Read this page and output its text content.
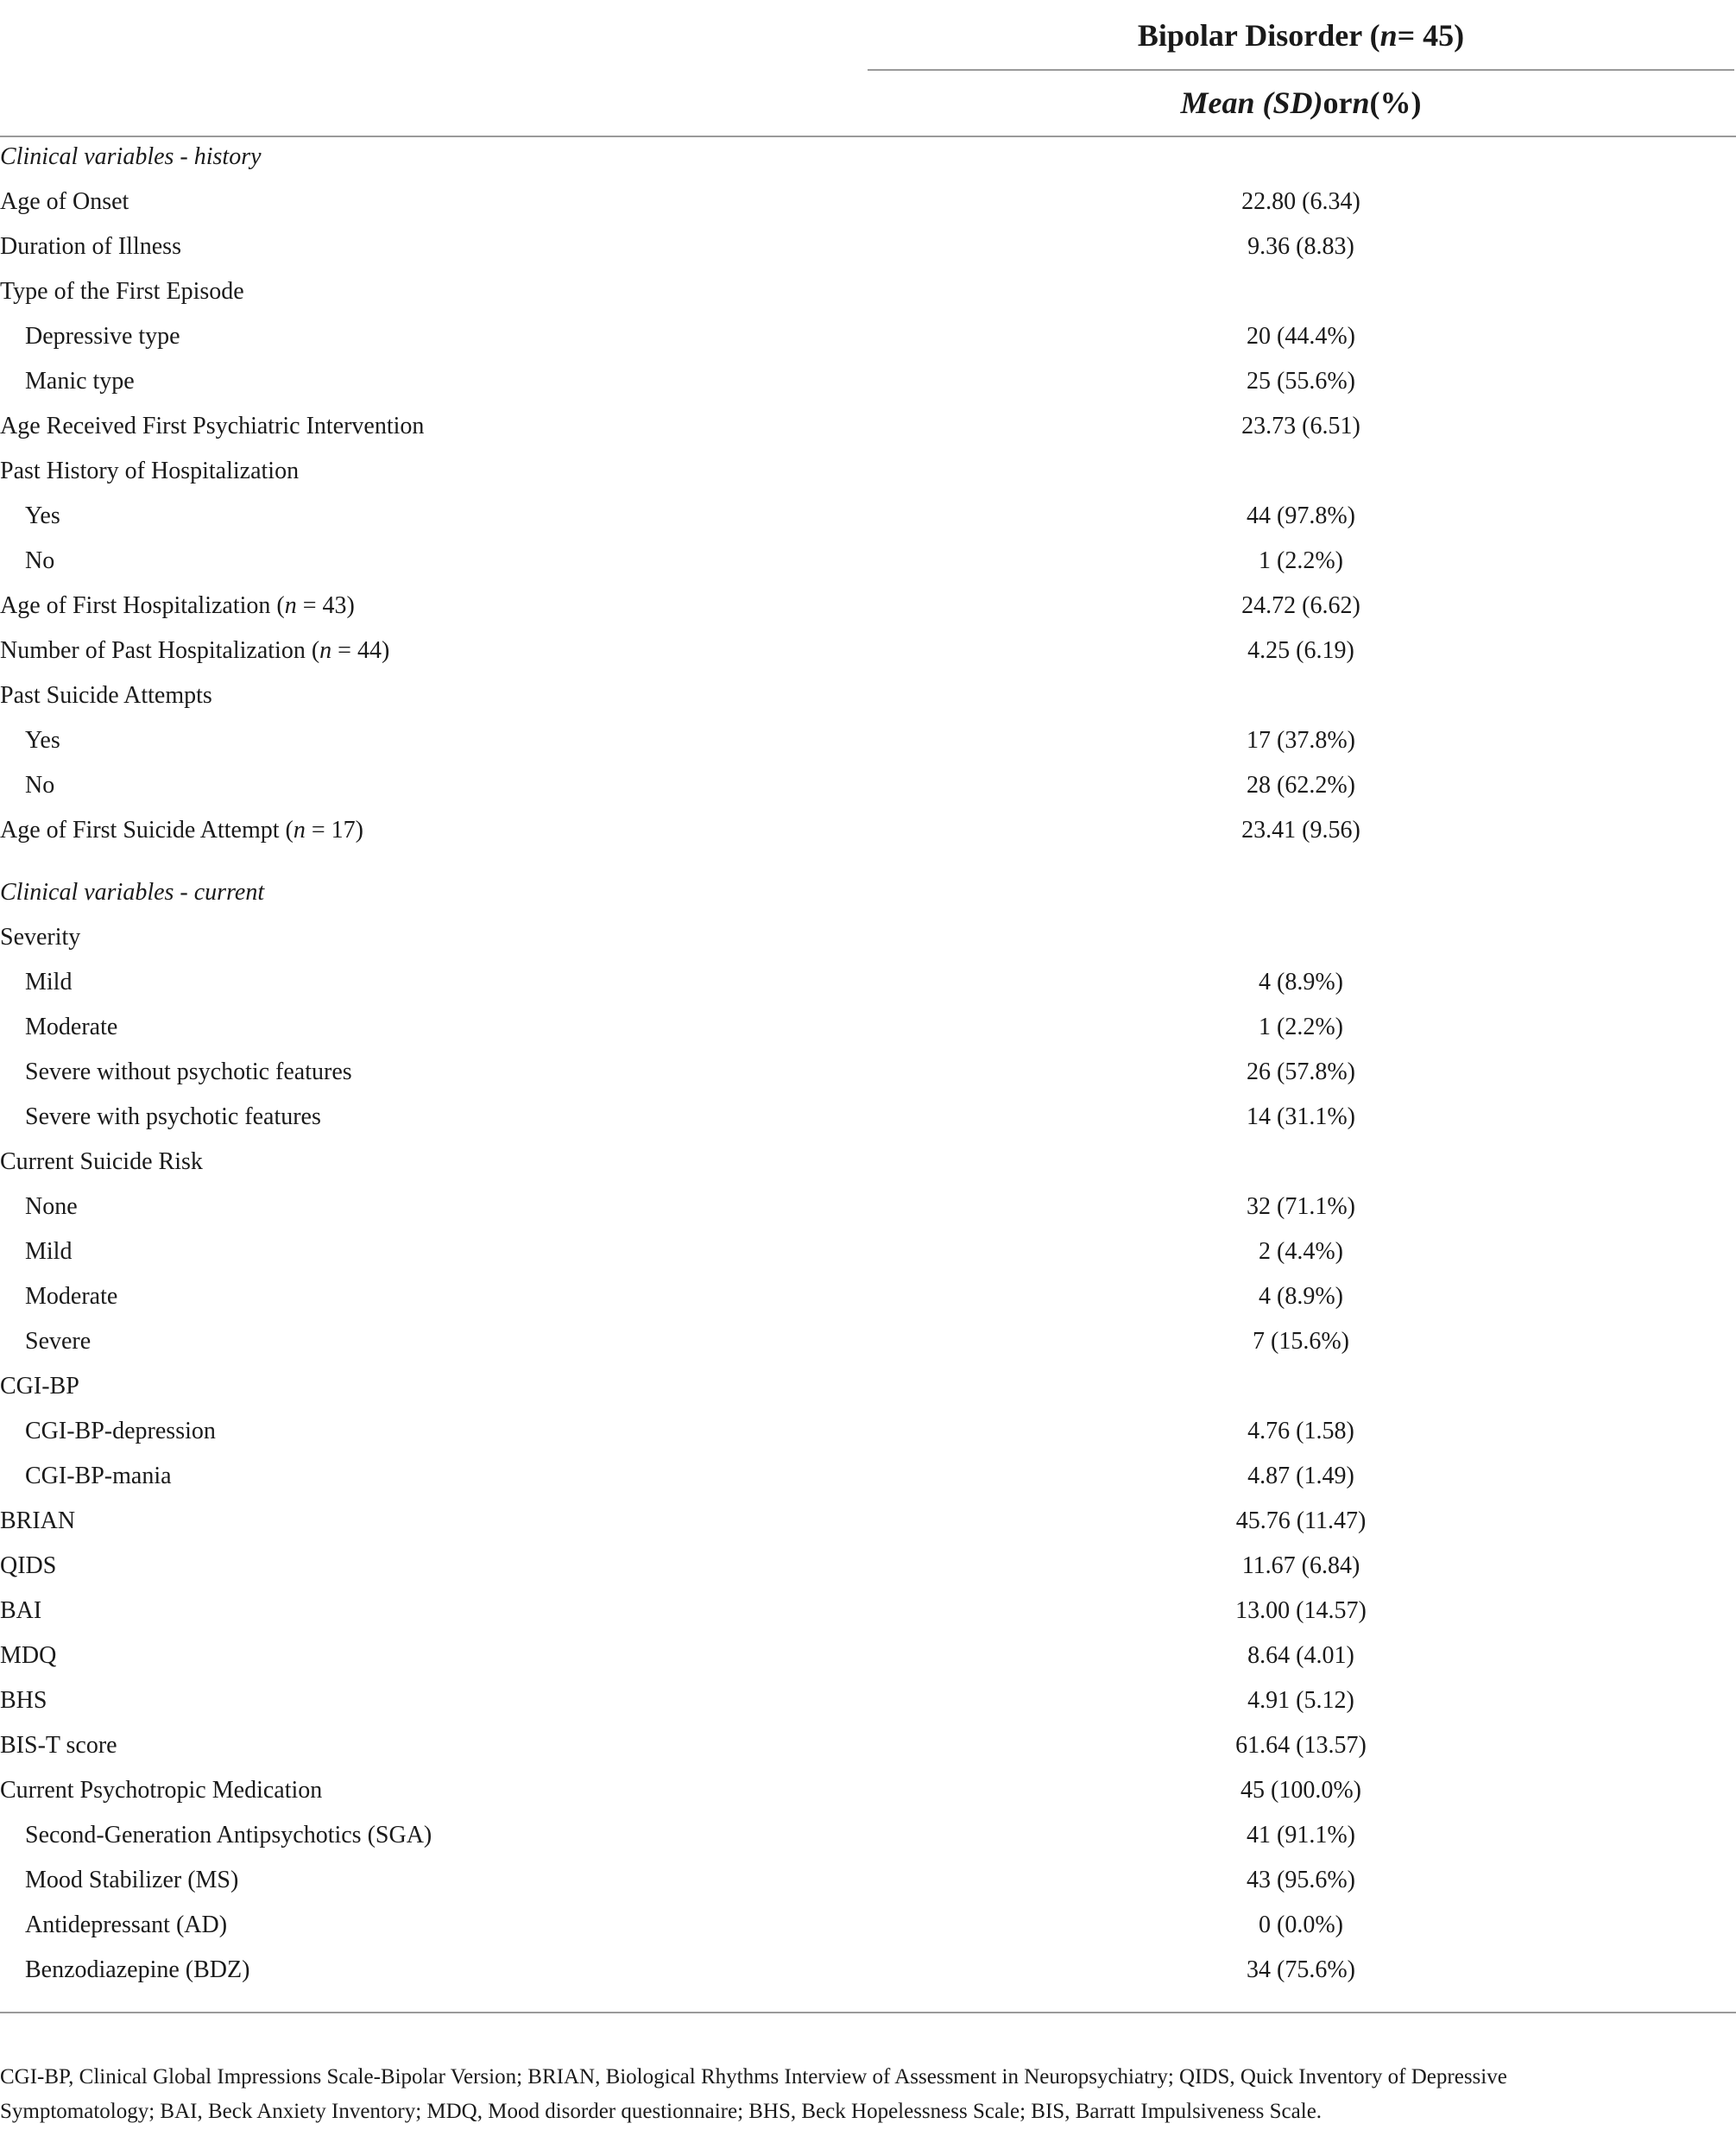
Bipolar Disorder ( n = 45)
Mean (SD) or n (%)
Clinical variables - history
Age of Onset	22.80 (6.34)
Duration of Illness	9.36 (8.83)
Type of the First Episode
Depressive type	20 (44.4%)
Manic type	25 (55.6%)
Age Received First Psychiatric Intervention	23.73 (6.51)
Past History of Hospitalization
Yes	44 (97.8%)
No	1 (2.2%)
Age of First Hospitalization (n = 43)	24.72 (6.62)
Number of Past Hospitalization (n = 44)	4.25 (6.19)
Past Suicide Attempts
Yes	17 (37.8%)
No	28 (62.2%)
Age of First Suicide Attempt (n = 17)	23.41 (9.56)
Clinical variables - current
Severity
Mild	4 (8.9%)
Moderate	1 (2.2%)
Severe without psychotic features	26 (57.8%)
Severe with psychotic features	14 (31.1%)
Current Suicide Risk
None	32 (71.1%)
Mild	2 (4.4%)
Moderate	4 (8.9%)
Severe	7 (15.6%)
CGI-BP
CGI-BP-depression	4.76 (1.58)
CGI-BP-mania	4.87 (1.49)
BRIAN	45.76 (11.47)
QIDS	11.67 (6.84)
BAI	13.00 (14.57)
MDQ	8.64 (4.01)
BHS	4.91 (5.12)
BIS-T score	61.64 (13.57)
Current Psychotropic Medication	45 (100.0%)
Second-Generation Antipsychotics (SGA)	41 (91.1%)
Mood Stabilizer (MS)	43 (95.6%)
Antidepressant (AD)	0 (0.0%)
Benzodiazepine (BDZ)	34 (75.6%)
CGI-BP, Clinical Global Impressions Scale-Bipolar Version; BRIAN, Biological Rhythms Interview of Assessment in Neuropsychiatry; QIDS, Quick Inventory of Depressive Symptomatology; BAI, Beck Anxiety Inventory; MDQ, Mood disorder questionnaire; BHS, Beck Hopelessness Scale; BIS, Barratt Impulsiveness Scale.
